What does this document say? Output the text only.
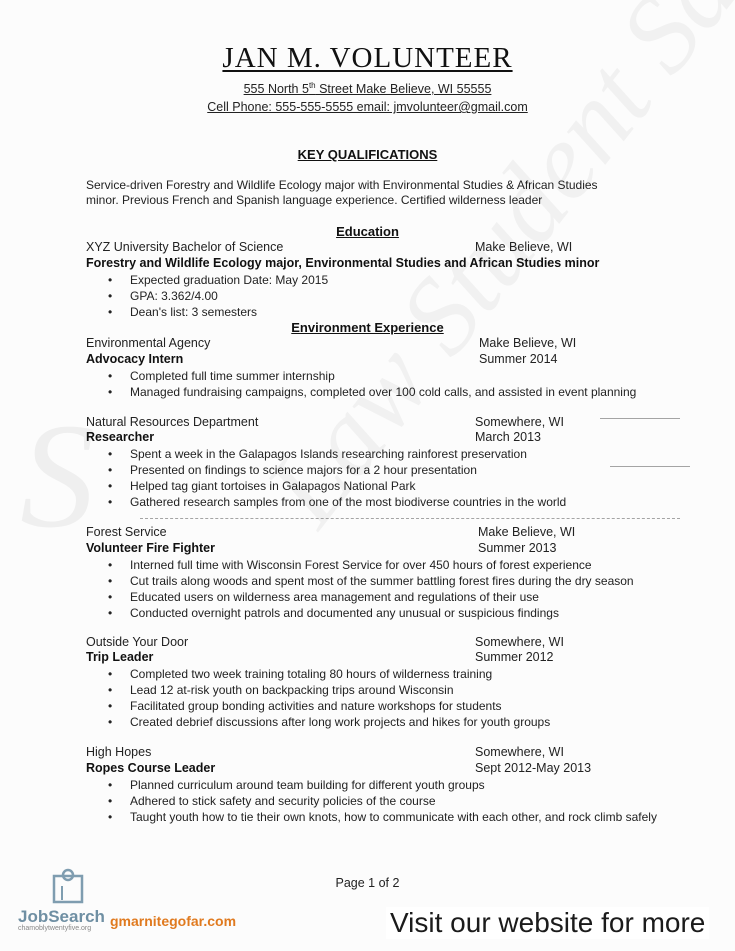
S
JAN M. VOLUNTEER
555 North 5th Street Make Believe, WI 55555
Cell Phone: 555-555-5555 email: jmvolunteer@gmail.com
KEY QUALIFICATIONS
Service-driven Forestry and Wildlife Ecology major with Environmental Studies & African Studies minor. Previous French and Spanish language experience. Certified wilderness leader
Education
XYZ University Bachelor of Science	Make Believe, WI
Forestry and Wildlife Ecology major, Environmental Studies and African Studies minor
• Expected graduation Date: May 2015
• GPA: 3.362/4.00
• Dean's list: 3 semesters
Environment Experience
Environmental Agency	Make Believe, WI
Advocacy Intern	Summer 2014
• Completed full time summer internship
• Managed fundraising campaigns, completed over 100 cold calls, and assisted in event planning
Natural Resources Department	Somewhere, WI
Researcher	March 2013
• Spent a week in the Galapagos Islands researching rainforest preservation
• Presented on findings to science majors for a 2 hour presentation
• Helped tag giant tortoises in Galapagos National Park
• Gathered research samples from one of the most biodiverse countries in the world
Forest Service	Make Believe, WI
Volunteer Fire Fighter	Summer 2013
• Interned full time with Wisconsin Forest Service for over 450 hours of forest experience
• Cut trails along woods and spent most of the summer battling forest fires during the dry season
• Educated users on wilderness area management and regulations of their use
• Conducted overnight patrols and documented any unusual or suspicious findings
Outside Your Door	Somewhere, WI
Trip Leader	Summer 2012
• Completed two week training totaling 80 hours of wilderness training
• Lead 12 at-risk youth on backpacking trips around Wisconsin
• Facilitated group bonding activities and nature workshops for students
• Created debrief discussions after long work projects and hikes for youth groups
High Hopes	Somewhere, WI
Ropes Course Leader	Sept 2012-May 2013
• Planned curriculum around team building for different youth groups
• Adhered to stick safety and security policies of the course
• Taught youth how to tie their own knots, how to communicate with each other, and rock climb safely
Page 1 of 2
JobSearch gmarnitegofar.com
chamoblytwentyfive.org	Visit our website for more
